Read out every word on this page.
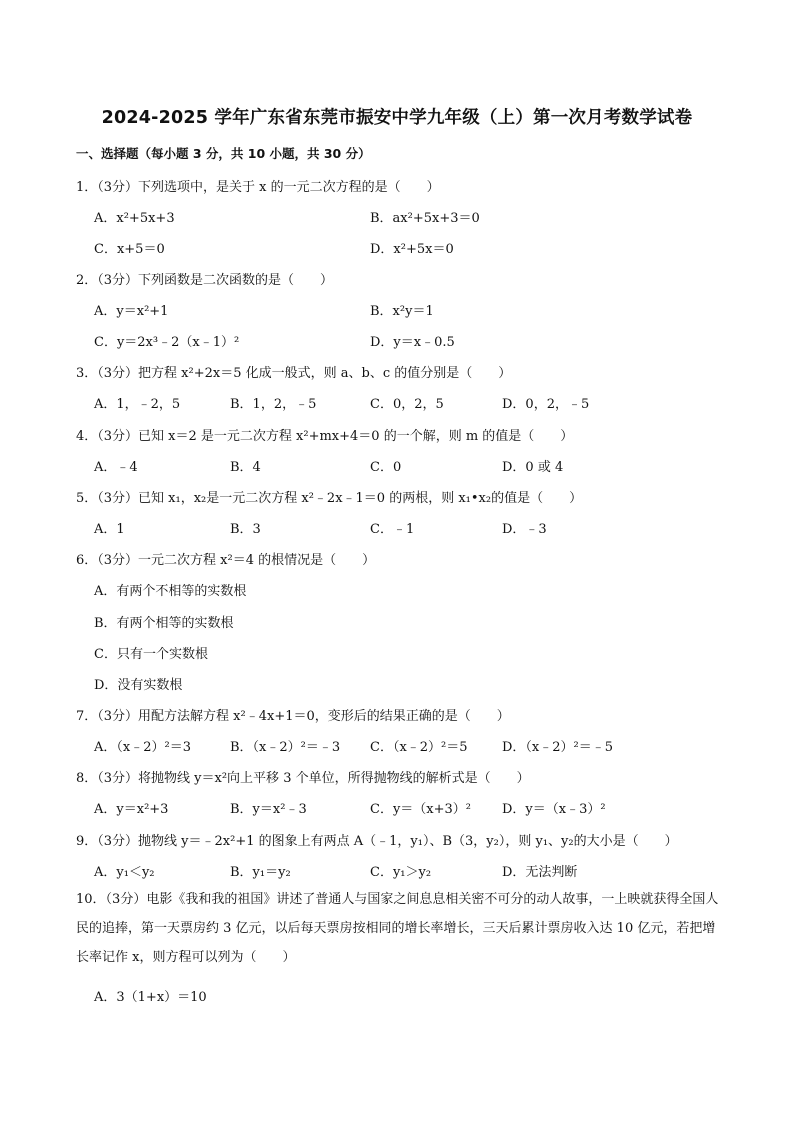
2024-2025 学年广东省东莞市振安中学九年级（上）第一次月考数学试卷
一、选择题（每小题 3 分，共 10 小题，共 30 分）
1．（3分）下列选项中，是关于 x 的一元二次方程的是（　　）
A．x²+5x+3	B．ax²+5x+3＝0
C．x+5＝0	D．x²+5x＝0
2．（3分）下列函数是二次函数的是（　　）
A．y＝x²+1	B．x²y＝1
C．y＝2x³﹣2（x﹣1）²	D．y＝x﹣0.5
3．（3分）把方程 x²+2x＝5 化成一般式，则 a、b、c 的值分别是（　　）
A．1，﹣2，5	B．1，2，﹣5	C．0，2，5	D．0，2，﹣5
4．（3分）已知 x＝2 是一元二次方程 x²+mx+4＝0 的一个解，则 m 的值是（　　）
A．﹣4	B．4	C．0	D．0 或 4
5．（3分）已知 x₁，x₂是一元二次方程 x²﹣2x﹣1＝0 的两根，则 x₁•x₂的值是（　　）
A．1	B．3	C．﹣1	D．﹣3
6．（3分）一元二次方程 x²＝4 的根情况是（　　）
A．有两个不相等的实数根
B．有两个相等的实数根
C．只有一个实数根
D．没有实数根
7．（3分）用配方法解方程 x²﹣4x+1＝0，变形后的结果正确的是（　　）
A．（x﹣2）²＝3	B．（x﹣2）²＝﹣3 C．（x﹣2）²＝5	D．（x﹣2）²＝﹣5
8．（3分）将抛物线 y＝x²向上平移 3 个单位，所得抛物线的解析式是（　　）
A．y＝x²+3	B．y＝x²﹣3	C．y＝（x+3）² D．y＝（x﹣3）²
9．（3分）抛物线 y＝﹣2x²+1 的图象上有两点 A（﹣1，y₁）、B（3，y₂），则 y₁、y₂的大小是（　　）
A．y₁＜y₂	B．y₁＝y₂	C．y₁＞y₂	D．无法判断
10．（3分）电影《我和我的祖国》讲述了普通人与国家之间息息相关密不可分的动人故事，一上映就获得全国人民的追捧，第一天票房约 3 亿元，以后每天票房按相同的增长率增长，三天后累计票房收入达 10 亿元，若把增长率记作 x，则方程可以列为（　　）
A．3（1+x）＝10
